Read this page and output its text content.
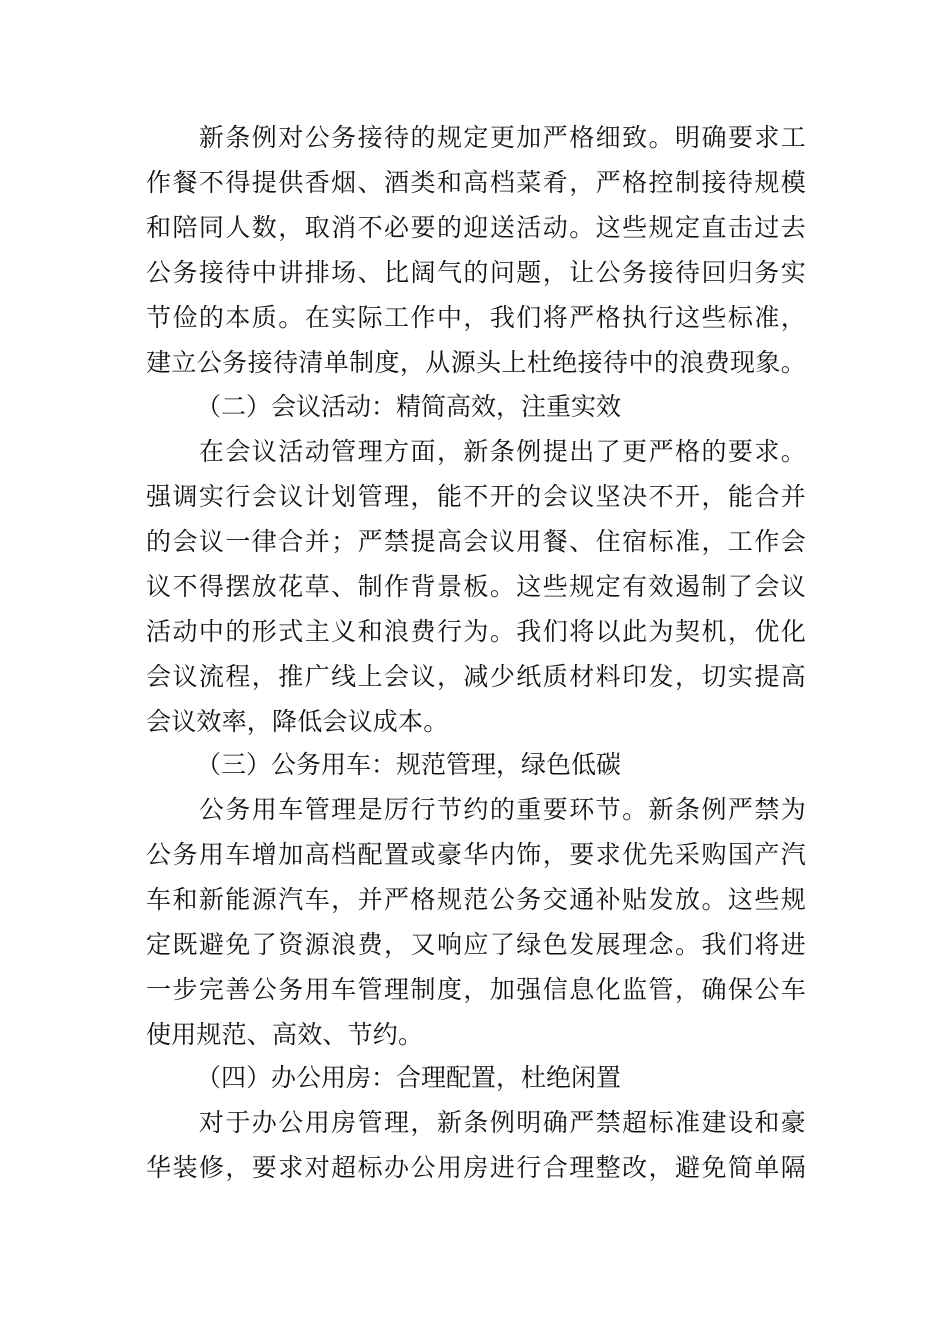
　　新条例对公务接待的规定更加严格细致。明确要求工
作餐不得提供香烟、酒类和高档菜肴，严格控制接待规模
和陪同人数，取消不必要的迎送活动。这些规定直击过去
公务接待中讲排场、比阔气的问题，让公务接待回归务实
节俭的本质。在实际工作中，我们将严格执行这些标准，
建立公务接待清单制度，从源头上杜绝接待中的浪费现象。
（二）会议活动：精简高效，注重实效
　　在会议活动管理方面，新条例提出了更严格的要求。
强调实行会议计划管理，能不开的会议坚决不开，能合并
的会议一律合并；严禁提高会议用餐、住宿标准，工作会
议不得摆放花草、制作背景板。这些规定有效遏制了会议
活动中的形式主义和浪费行为。我们将以此为契机，优化
会议流程，推广线上会议，减少纸质材料印发，切实提高
会议效率，降低会议成本。
（三）公务用车：规范管理，绿色低碳
　　公务用车管理是厉行节约的重要环节。新条例严禁为
公务用车增加高档配置或豪华内饰，要求优先采购国产汽
车和新能源汽车，并严格规范公务交通补贴发放。这些规
定既避免了资源浪费，又响应了绿色发展理念。我们将进
一步完善公务用车管理制度，加强信息化监管，确保公车
使用规范、高效、节约。
（四）办公用房：合理配置，杜绝闲置
　　对于办公用房管理，新条例明确严禁超标准建设和豪
华装修，要求对超标办公用房进行合理整改，避免简单隔
